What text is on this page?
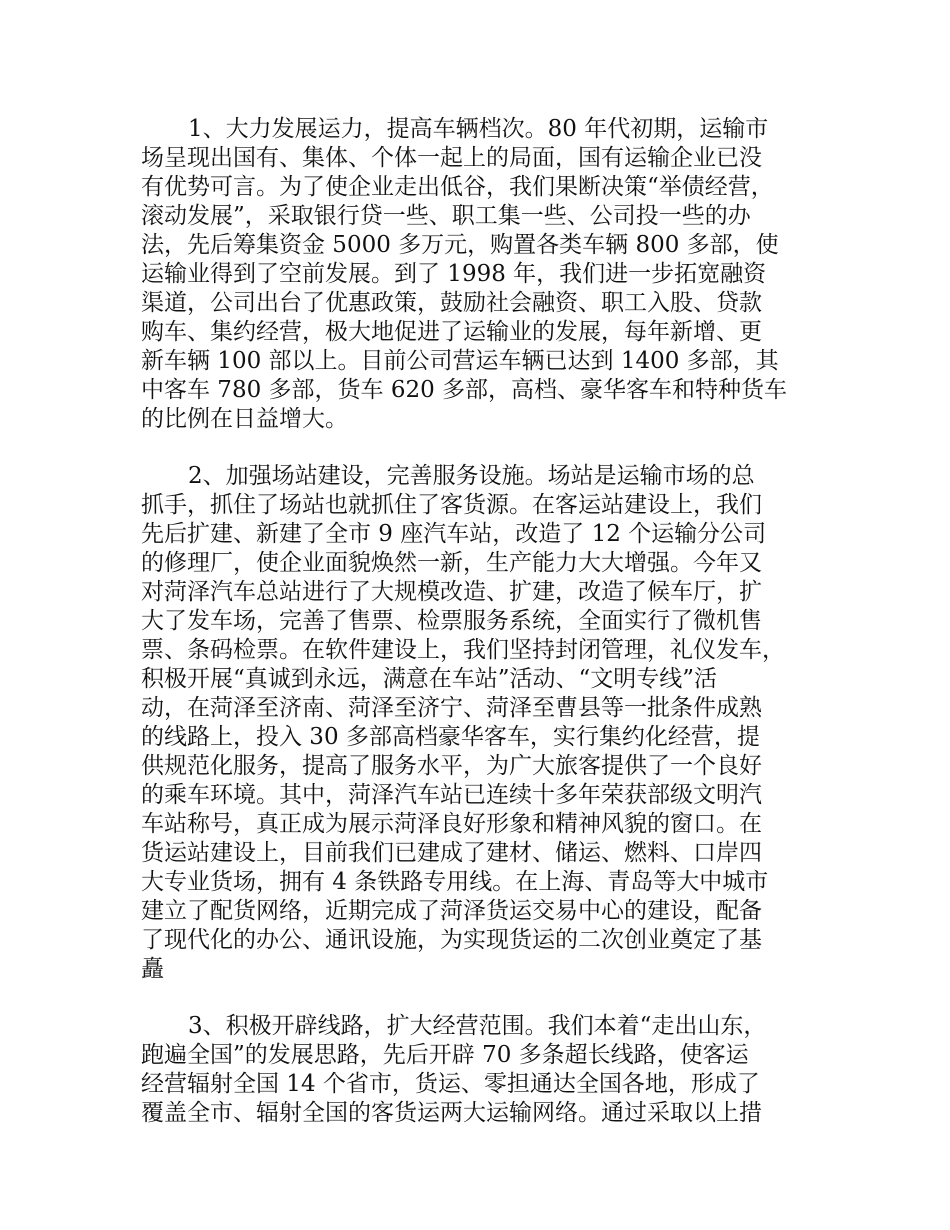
1、大力发展运力，提高车辆档次。80 年代初期，运输市
场呈现出国有、集体、个体一起上的局面，国有运输企业已没
有优势可言。为了使企业走出低谷，我们果断决策“举债经营，
滚动发展”，采取银行贷一些、职工集一些、公司投一些的办
法，先后筹集资金 5000 多万元，购置各类车辆 800 多部，使
运输业得到了空前发展。到了 1998 年，我们进一步拓宽融资
渠道，公司出台了优惠政策，鼓励社会融资、职工入股、贷款
购车、集约经营，极大地促进了运输业的发展，每年新增、更
新车辆 100 部以上。目前公司营运车辆已达到 1400 多部，其
中客车 780 多部，货车 620 多部，高档、豪华客车和特种货车
的比例在日益增大。
2、加强场站建设，完善服务设施。场站是运输市场的总
抓手，抓住了场站也就抓住了客货源。在客运站建设上，我们
先后扩建、新建了全市 9 座汽车站，改造了 12 个运输分公司
的修理厂，使企业面貌焕然一新，生产能力大大增强。今年又
对菏泽汽车总站进行了大规模改造、扩建，改造了候车厅，扩
大了发车场，完善了售票、检票服务系统，全面实行了微机售
票、条码检票。在软件建设上，我们坚持封闭管理，礼仪发车，
积极开展“真诚到永远，满意在车站”活动、“文明专线”活
动，在菏泽至济南、菏泽至济宁、菏泽至曹县等一批条件成熟
的线路上，投入 30 多部高档豪华客车，实行集约化经营，提
供规范化服务，提高了服务水平，为广大旅客提供了一个良好
的乘车环境。其中，菏泽汽车站已连续十多年荣获部级文明汽
车站称号，真正成为展示菏泽良好形象和精神风貌的窗口。在
货运站建设上，目前我们已建成了建材、储运、燃料、口岸四
大专业货场，拥有 4 条铁路专用线。在上海、青岛等大中城市
建立了配货网络，近期完成了菏泽货运交易中心的建设，配备
了现代化的办公、通讯设施，为实现货运的二次创业奠定了基
矗
3、积极开辟线路，扩大经营范围。我们本着“走出山东，
跑遍全国”的发展思路，先后开辟 70 多条超长线路，使客运
经营辐射全国 14 个省市，货运、零担通达全国各地，形成了
覆盖全市、辐射全国的客货运两大运输网络。通过采取以上措
